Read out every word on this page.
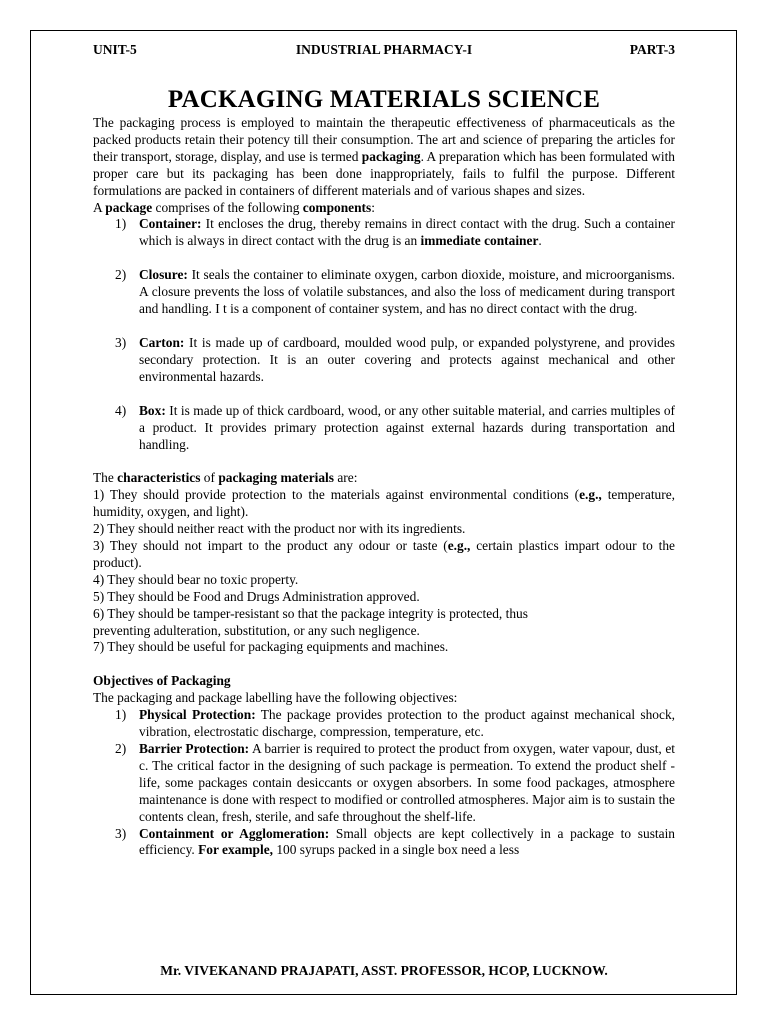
UNIT-5	INDUSTRIAL PHARMACY-I	PART-3
PACKAGING MATERIALS SCIENCE

The packaging process is employed to maintain the therapeutic effectiveness of pharmaceuticals as the packed products retain their potency till their consumption. The art and science of preparing the articles for their transport, storage, display, and use is termed packaging. A preparation which has been formulated with proper care but its packaging has been done inappropriately, fails to fulfil the purpose. Different formulations are packed in containers of different materials and of various shapes and sizes.

A package comprises of the following components:

1) Container: It encloses the drug, thereby remains in direct contact with the drug. Such a container which is always in direct contact with the drug is an immediate container.
2) Closure: It seals the container to eliminate oxygen, carbon dioxide, moisture, and microorganisms. A closure prevents the loss of volatile substances, and also the loss of medicament during transport and handling. I t is a component of container system, and has no direct contact with the drug.
3) Carton: It is made up of cardboard, moulded wood pulp, or expanded polystyrene, and provides secondary protection. It is an outer covering and protects against mechanical and other environmental hazards.
4) Box: It is made up of thick cardboard, wood, or any other suitable material, and carries multiples of a product. It provides primary protection against external hazards during transportation and handling.

The characteristics of packaging materials are:

1) They should provide protection to the materials against environmental conditions (e.g., temperature, humidity, oxygen, and light).

2) They should neither react with the product nor with its ingredients.

3) They should not impart to the product any odour or taste (e.g., certain plastics impart odour to the product).

4) They should bear no toxic property.

5) They should be Food and Drugs Administration approved.

6) They should be tamper-resistant so that the package integrity is protected, thus

preventing adulteration, substitution, or any such negligence.

7) They should be useful for packaging equipments and machines.

Objectives of Packaging

The packaging and package labelling have the following objectives:

1) Physical Protection: The package provides protection to the product against mechanical shock, vibration, electrostatic discharge, compression, temperature, etc.
2) Barrier Protection: A barrier is required to protect the product from oxygen, water vapour, dust, et c. The critical factor in the designing of such package is permeation. To extend the product shelf -life, some packages contain desiccants or oxygen absorbers. In some food packages, atmosphere maintenance is done with respect to modified or controlled atmospheres. Major aim is to sustain the contents clean, fresh, sterile, and safe throughout the shelf-life.
3) Containment or Agglomeration: Small objects are kept collectively in a package to sustain efficiency. For example, 100 syrups packed in a single box need a less
Mr. VIVEKANAND PRAJAPATI, ASST. PROFESSOR, HCOP, LUCKNOW.
